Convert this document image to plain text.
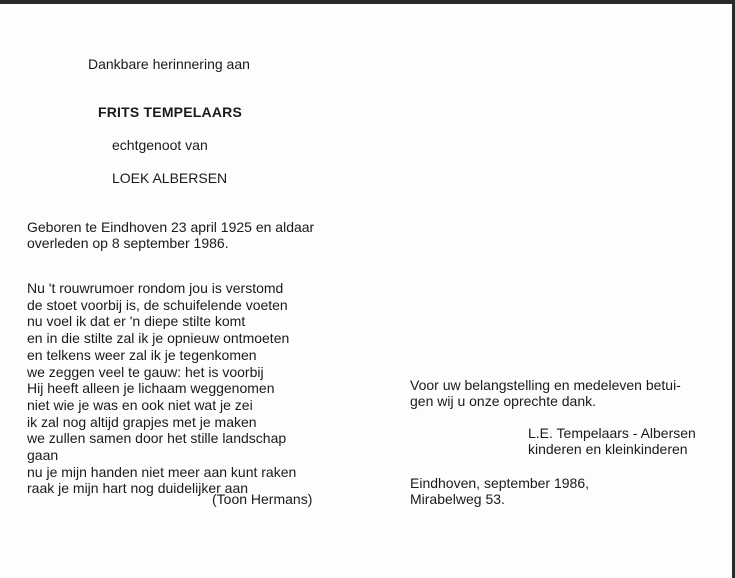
Dankbare herinnering aan
FRITS TEMPELAARS
echtgenoot van
LOEK ALBERSEN
Geboren te Eindhoven 23 april 1925 en aldaar
overleden op 8 september 1986.
Nu 't rouwrumoer rondom jou is verstomd
de stoet voorbij is, de schuifelende voeten
nu voel ik dat er 'n diepe stilte komt
en in die stilte zal ik je opnieuw ontmoeten
en telkens weer zal ik je tegenkomen
we zeggen veel te gauw: het is voorbij
Hij heeft alleen je lichaam weggenomen
niet wie je was en ook niet wat je zei
ik zal nog altijd grapjes met je maken
we zullen samen door het stille landschap
gaan
nu je mijn handen niet meer aan kunt raken
raak je mijn hart nog duidelijker aan
(Toon Hermans)
Voor uw belangstelling en medeleven betui-
gen wij u onze oprechte dank.
L.E. Tempelaars - Albersen
kinderen en kleinkinderen
Eindhoven, september 1986,
Mirabelweg 53.
